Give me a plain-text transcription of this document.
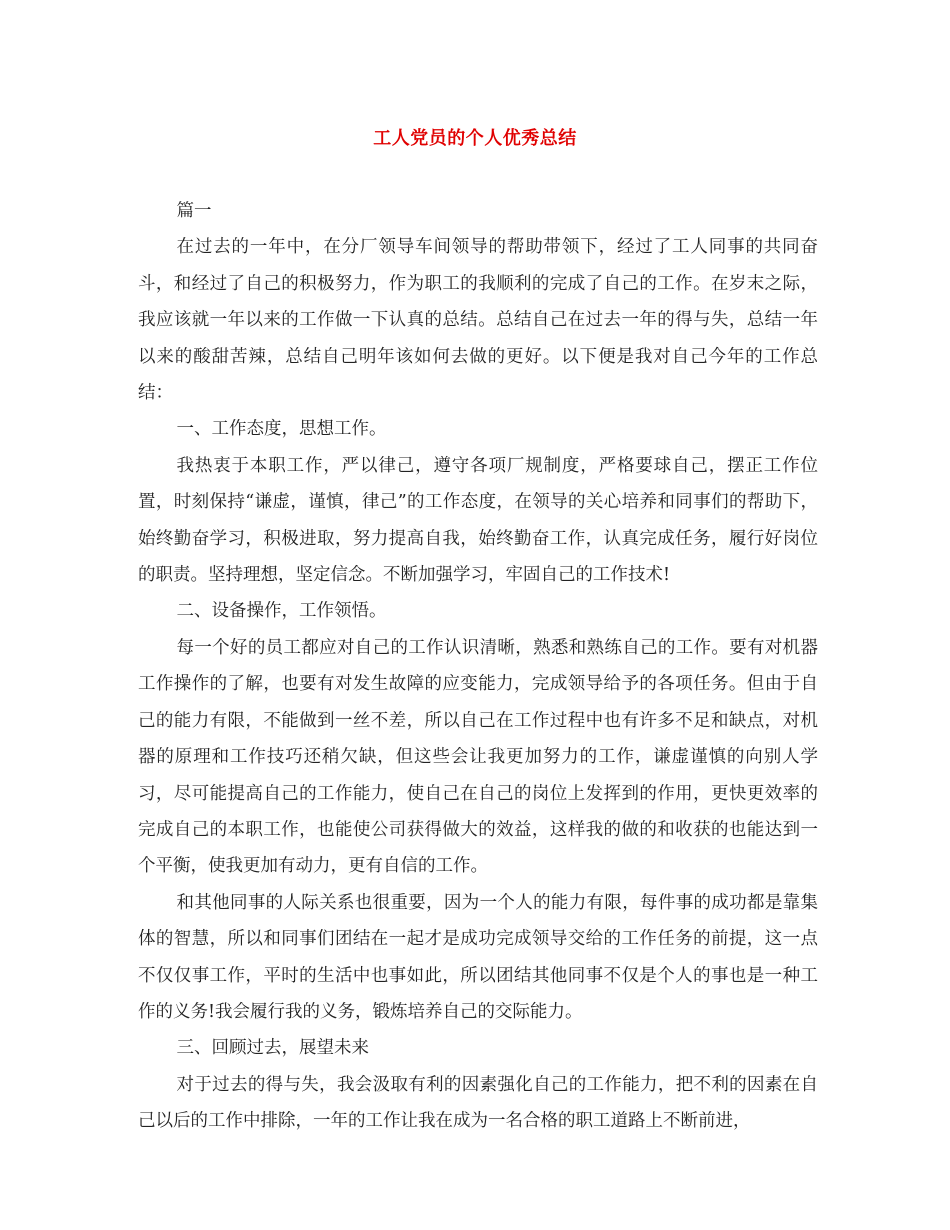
工人党员的个人优秀总结

篇一

在过去的一年中，在分厂领导车间领导的帮助带领下，经过了工人同事的共同奋斗，和经过了自己的积极努力，作为职工的我顺利的完成了自己的工作。在岁末之际，我应该就一年以来的工作做一下认真的总结。总结自己在过去一年的得与失，总结一年以来的酸甜苦辣，总结自己明年该如何去做的更好。以下便是我对自己今年的工作总结：

一、工作态度，思想工作。

我热衷于本职工作，严以律己，遵守各项厂规制度，严格要球自己，摆正工作位置，时刻保持“谦虚，谨慎，律己”的工作态度，在领导的关心培养和同事们的帮助下，始终勤奋学习，积极进取，努力提高自我，始终勤奋工作，认真完成任务，履行好岗位的职责。坚持理想，坚定信念。不断加强学习，牢固自己的工作技术!

二、设备操作，工作领悟。

每一个好的员工都应对自己的工作认识清晰，熟悉和熟练自己的工作。要有对机器工作操作的了解，也要有对发生故障的应变能力，完成领导给予的各项任务。但由于自己的能力有限，不能做到一丝不差，所以自己在工作过程中也有许多不足和缺点，对机器的原理和工作技巧还稍欠缺，但这些会让我更加努力的工作，谦虚谨慎的向别人学习，尽可能提高自己的工作能力，使自己在自己的岗位上发挥到的作用，更快更效率的完成自己的本职工作，也能使公司获得做大的效益，这样我的做的和收获的也能达到一个平衡，使我更加有动力，更有自信的工作。

和其他同事的人际关系也很重要，因为一个人的能力有限，每件事的成功都是靠集体的智慧，所以和同事们团结在一起才是成功完成领导交给的工作任务的前提，这一点不仅仅事工作，平时的生活中也事如此，所以团结其他同事不仅是个人的事也是一种工作的义务!我会履行我的义务，锻炼培养自己的交际能力。

三、回顾过去，展望未来

对于过去的得与失，我会汲取有利的因素强化自己的工作能力，把不利的因素在自己以后的工作中排除，一年的工作让我在成为一名合格的职工道路上不断前进，
